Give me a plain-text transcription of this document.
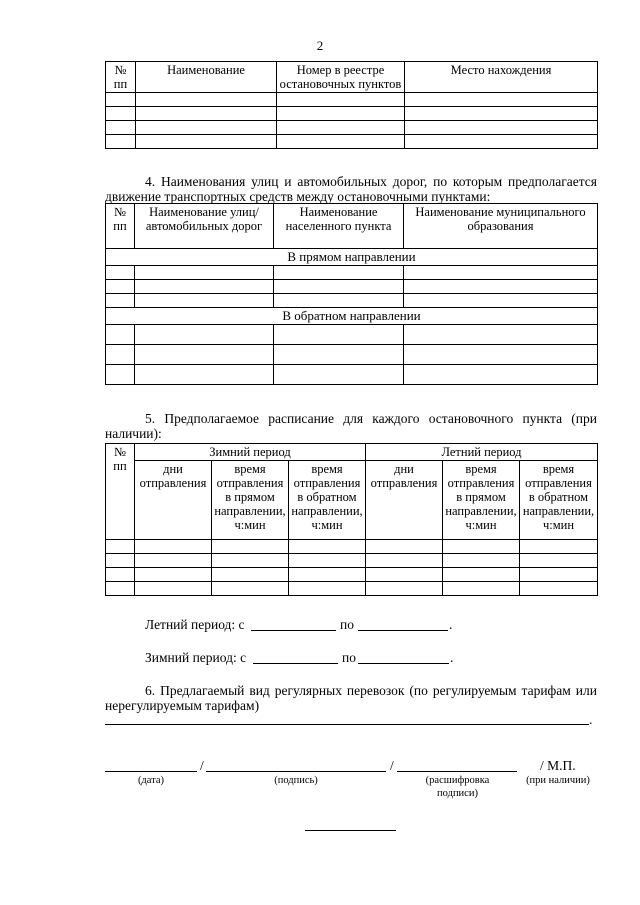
2
№ пп	Наименование	Номер в реестре остановочных пунктов	Место нахождения

4. Наименования улиц и автомобильных дорог, по которым предполагается движение транспортных средств между остановочными пунктами:
№ пп	Наименование улиц/автомобильных дорог	Наименование населенного пункта	Наименование муниципального образования
В прямом направлении			

В обратном направлении			

5. Предполагаемое расписание для каждого остановочного пункта (при наличии):
№ пп	Зимний период			Летний период		
	дни отправления	время отправления в прямом направлении, ч:мин	время отправления в обратном направлении, ч:мин	дни отправления	время отправления в прямом направлении, ч:мин	время отправления в обратном направлении, ч:мин

Летний период: с	по	.
Зимний период: с	по	.
6. Предлагаемый вид регулярных перевозок (по регулируемым тарифам или нерегулируемым тарифам)
.
/	/	/ М.П.
(дата)	(подпись)	(расшифровка подписи)
(при наличии)
